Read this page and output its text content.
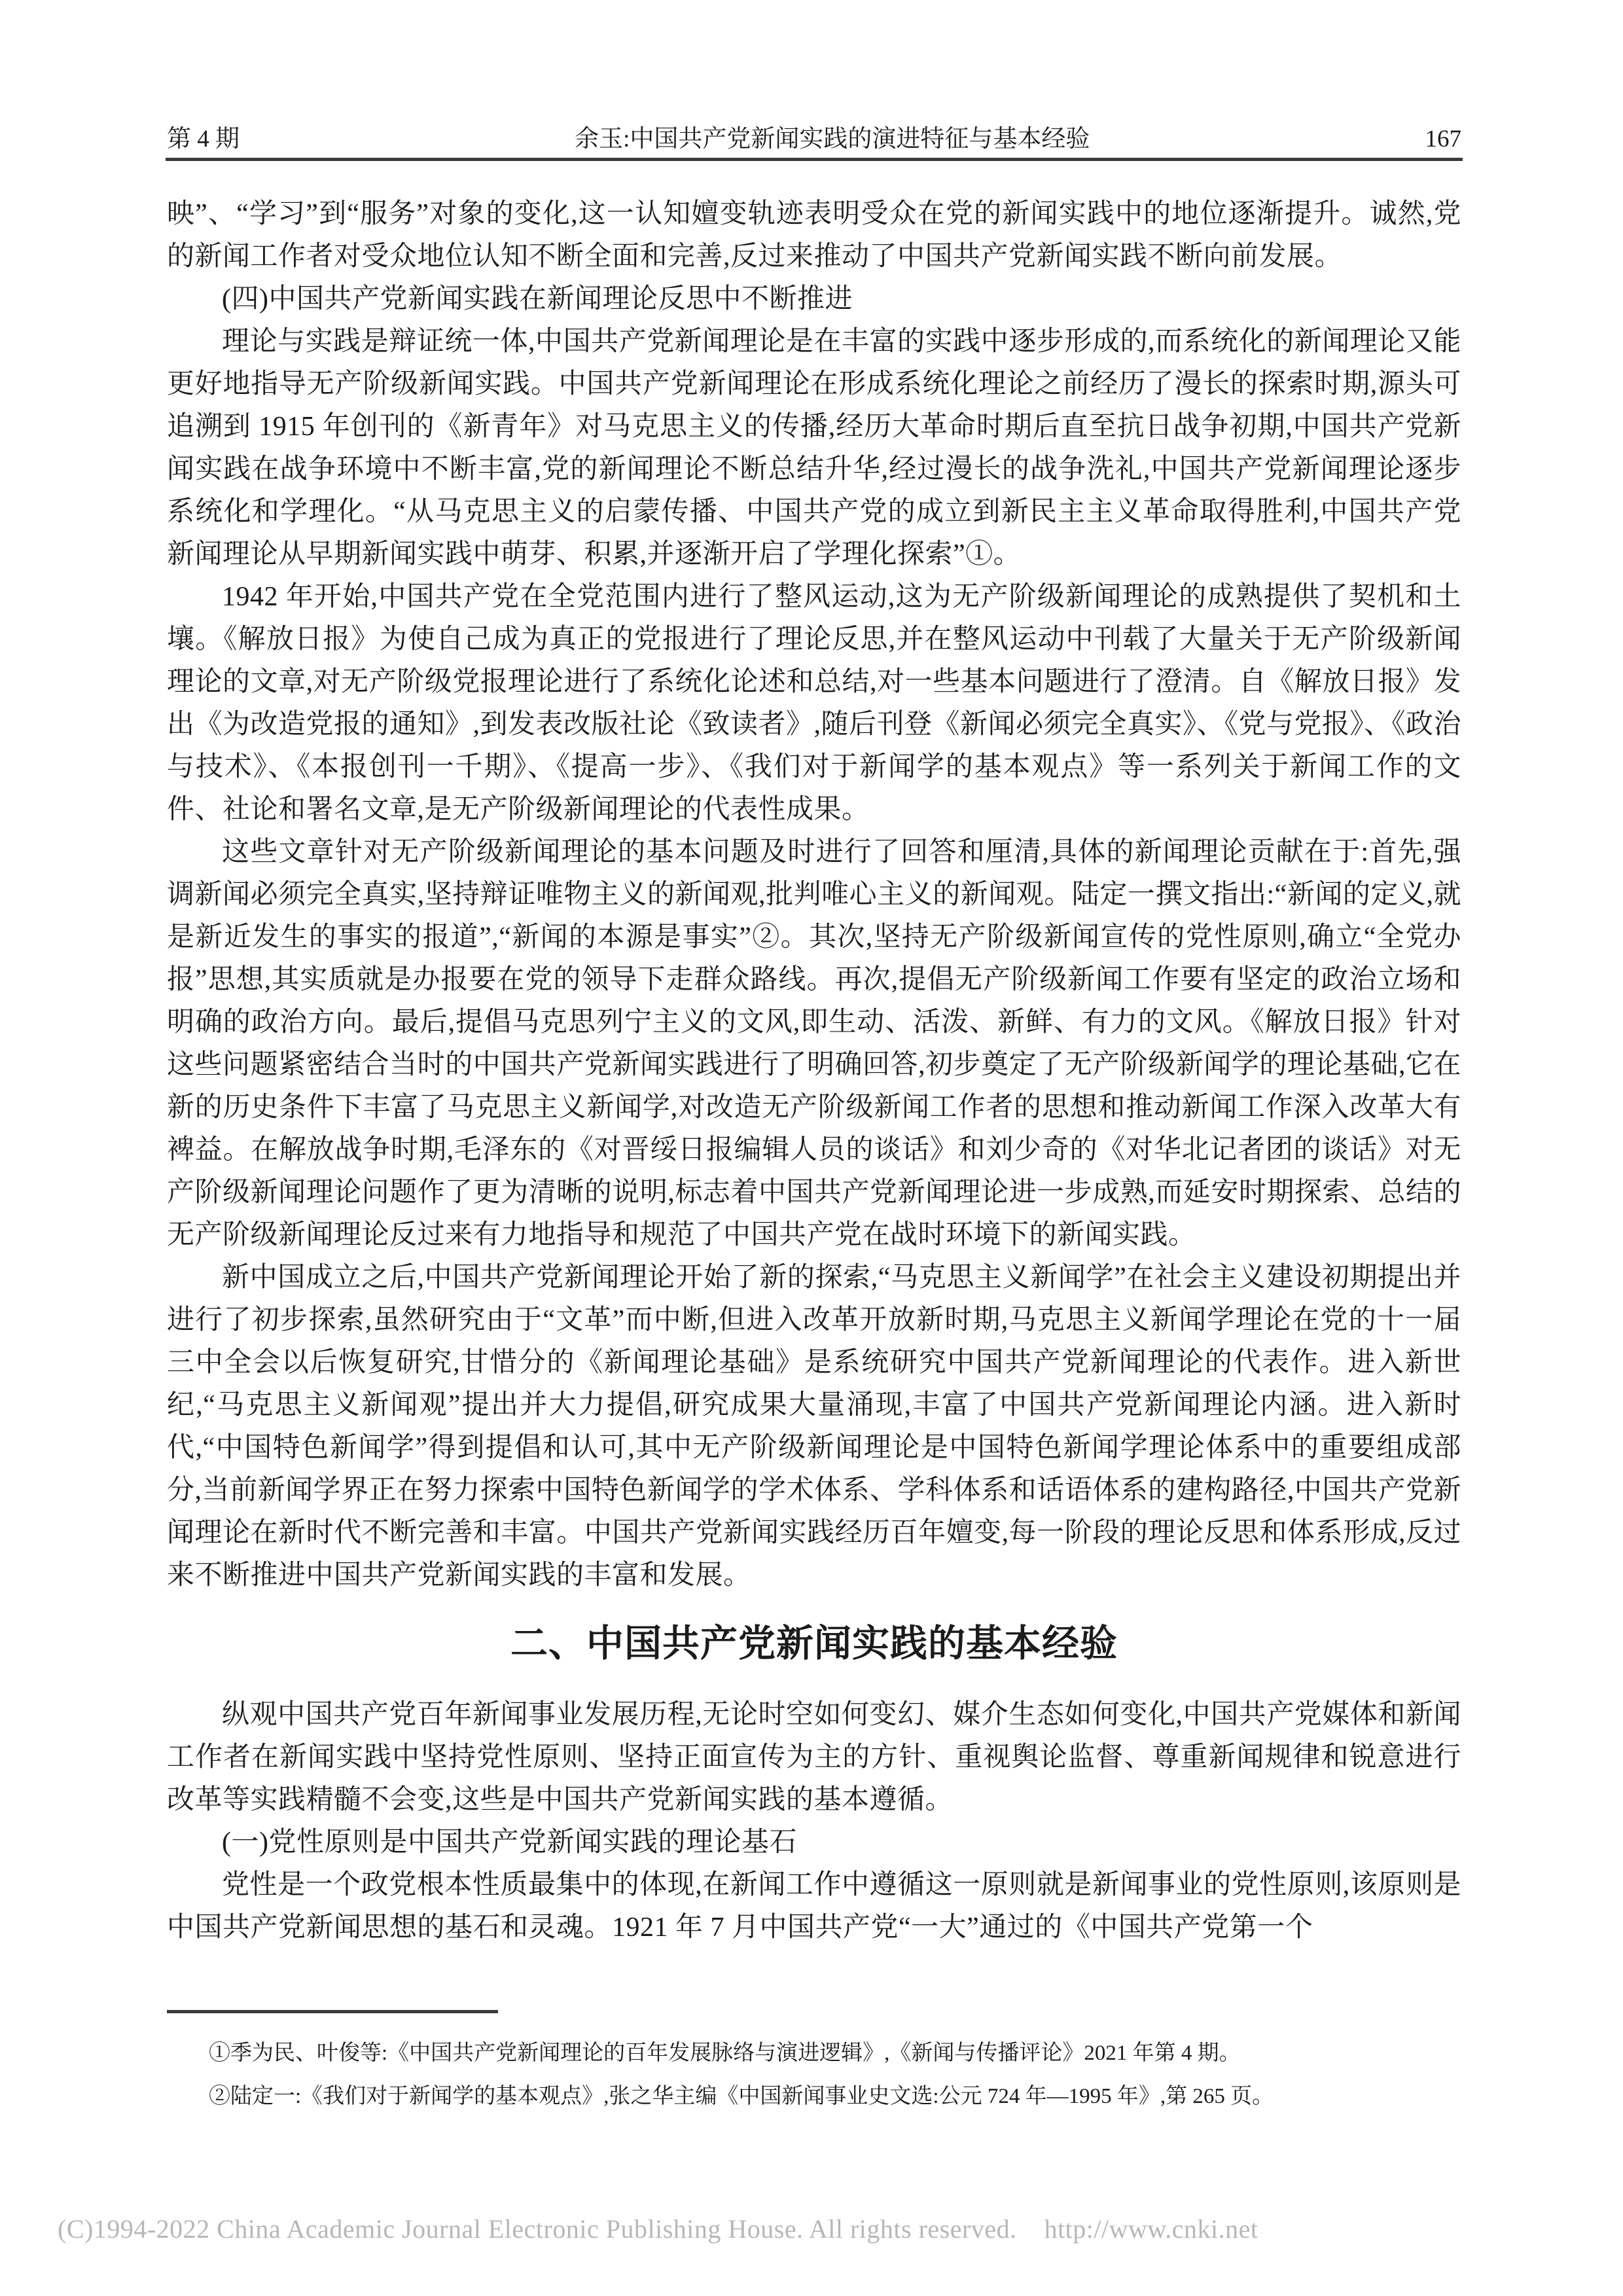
第 4 期	余玉:中国共产党新闻实践的演进特征与基本经验	167

映”、“学习”到“服务”对象的变化,这一认知嬗变轨迹表明受众在党的新闻实践中的地位逐渐提升。诚然,党的新闻工作者对受众地位认知不断全面和完善,反过来推动了中国共产党新闻实践不断向前发展。

(四)中国共产党新闻实践在新闻理论反思中不断推进

理论与实践是辩证统一体,中国共产党新闻理论是在丰富的实践中逐步形成的,而系统化的新闻理论又能更好地指导无产阶级新闻实践。中国共产党新闻理论在形成系统化理论之前经历了漫长的探索时期,源头可追溯到 1915 年创刊的《新青年》对马克思主义的传播,经历大革命时期后直至抗日战争初期,中国共产党新闻实践在战争环境中不断丰富,党的新闻理论不断总结升华,经过漫长的战争洗礼,中国共产党新闻理论逐步系统化和学理化。“从马克思主义的启蒙传播、中国共产党的成立到新民主主义革命取得胜利,中国共产党新闻理论从早期新闻实践中萌芽、积累,并逐渐开启了学理化探索”①。

1942 年开始,中国共产党在全党范围内进行了整风运动,这为无产阶级新闻理论的成熟提供了契机和土壤。《解放日报》为使自己成为真正的党报进行了理论反思,并在整风运动中刊载了大量关于无产阶级新闻理论的文章,对无产阶级党报理论进行了系统化论述和总结,对一些基本问题进行了澄清。自《解放日报》发出《为改造党报的通知》,到发表改版社论《致读者》,随后刊登《新闻必须完全真实》、《党与党报》、《政治与技术》、《本报创刊一千期》、《提高一步》、《我们对于新闻学的基本观点》等一系列关于新闻工作的文件、社论和署名文章,是无产阶级新闻理论的代表性成果。

这些文章针对无产阶级新闻理论的基本问题及时进行了回答和厘清,具体的新闻理论贡献在于:首先,强调新闻必须完全真实,坚持辩证唯物主义的新闻观,批判唯心主义的新闻观。陆定一撰文指出:“新闻的定义,就是新近发生的事实的报道”,“新闻的本源是事实”②。其次,坚持无产阶级新闻宣传的党性原则,确立“全党办报”思想,其实质就是办报要在党的领导下走群众路线。再次,提倡无产阶级新闻工作要有坚定的政治立场和明确的政治方向。最后,提倡马克思列宁主义的文风,即生动、活泼、新鲜、有力的文风。《解放日报》针对这些问题紧密结合当时的中国共产党新闻实践进行了明确回答,初步奠定了无产阶级新闻学的理论基础,它在新的历史条件下丰富了马克思主义新闻学,对改造无产阶级新闻工作者的思想和推动新闻工作深入改革大有裨益。在解放战争时期,毛泽东的《对晋绥日报编辑人员的谈话》和刘少奇的《对华北记者团的谈话》对无产阶级新闻理论问题作了更为清晰的说明,标志着中国共产党新闻理论进一步成熟,而延安时期探索、总结的无产阶级新闻理论反过来有力地指导和规范了中国共产党在战时环境下的新闻实践。

新中国成立之后,中国共产党新闻理论开始了新的探索,“马克思主义新闻学”在社会主义建设初期提出并进行了初步探索,虽然研究由于“文革”而中断,但进入改革开放新时期,马克思主义新闻学理论在党的十一届三中全会以后恢复研究,甘惜分的《新闻理论基础》是系统研究中国共产党新闻理论的代表作。进入新世纪,“马克思主义新闻观”提出并大力提倡,研究成果大量涌现,丰富了中国共产党新闻理论内涵。进入新时代,“中国特色新闻学”得到提倡和认可,其中无产阶级新闻理论是中国特色新闻学理论体系中的重要组成部分,当前新闻学界正在努力探索中国特色新闻学的学术体系、学科体系和话语体系的建构路径,中国共产党新闻理论在新时代不断完善和丰富。中国共产党新闻实践经历百年嬗变,每一阶段的理论反思和体系形成,反过来不断推进中国共产党新闻实践的丰富和发展。

二、中国共产党新闻实践的基本经验

纵观中国共产党百年新闻事业发展历程,无论时空如何变幻、媒介生态如何变化,中国共产党媒体和新闻工作者在新闻实践中坚持党性原则、坚持正面宣传为主的方针、重视舆论监督、尊重新闻规律和锐意进行改革等实践精髓不会变,这些是中国共产党新闻实践的基本遵循。

(一)党性原则是中国共产党新闻实践的理论基石

党性是一个政党根本性质最集中的体现,在新闻工作中遵循这一原则就是新闻事业的党性原则,该原则是中国共产党新闻思想的基石和灵魂。1921 年 7 月中国共产党“一大”通过的《中国共产党第一个

①季为民、叶俊等:《中国共产党新闻理论的百年发展脉络与演进逻辑》,《新闻与传播评论》2021 年第 4 期。

②陆定一:《我们对于新闻学的基本观点》,张之华主编《中国新闻事业史文选:公元 724 年—1995 年》,第 265 页。

(C)1994-2022 China Academic Journal Electronic Publishing House. All rights reserved.    http://www.cnki.net
